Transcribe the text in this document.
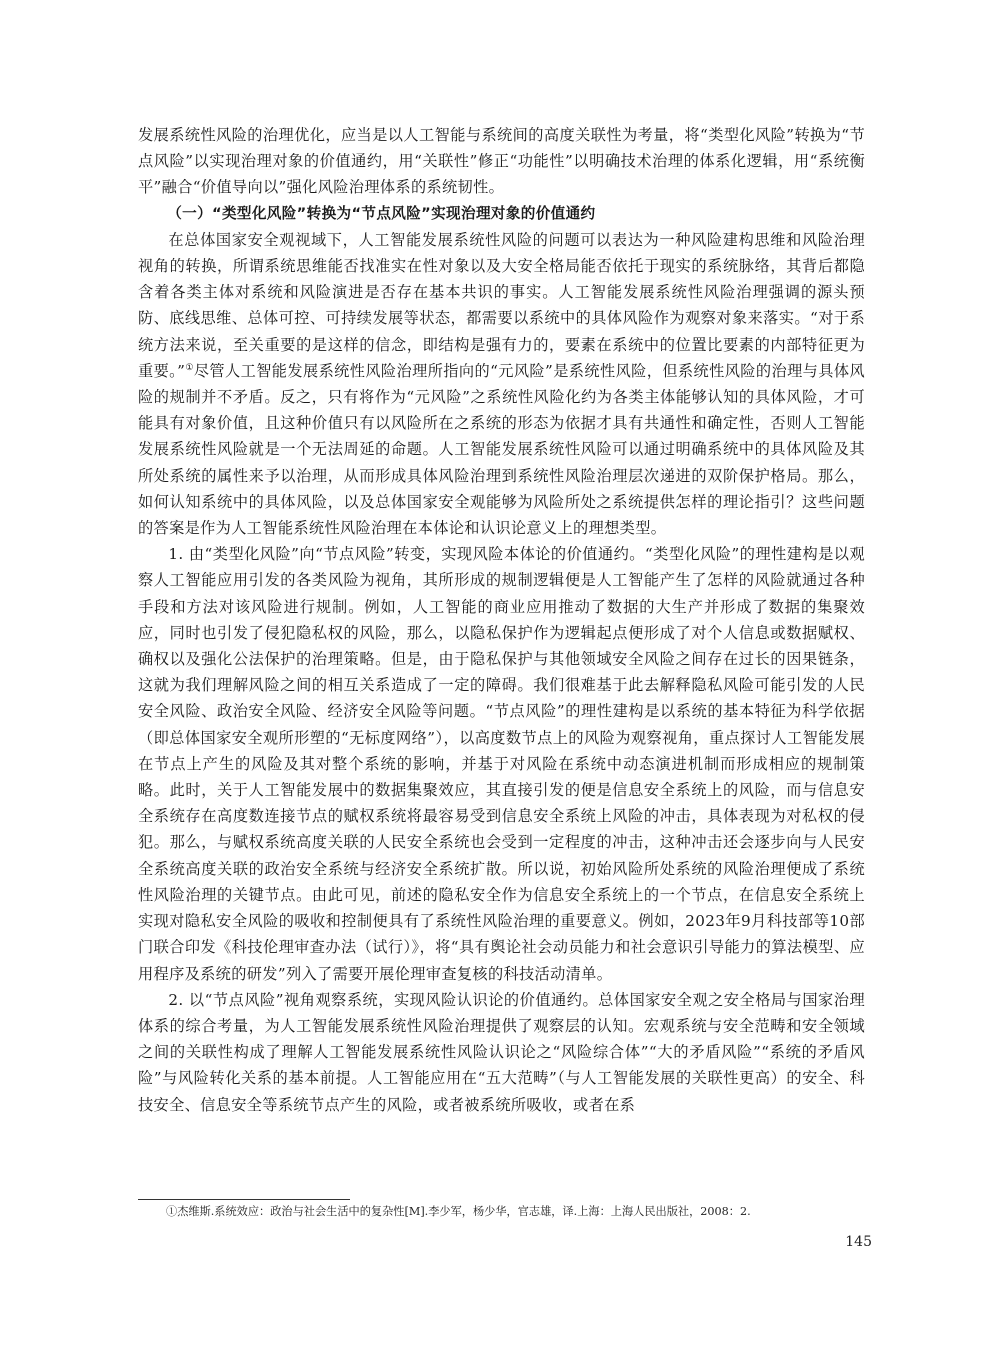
发展系统性风险的治理优化，应当是以人工智能与系统间的高度关联性为考量，将“类型化风险”转换为“节点风险”以实现治理对象的价值通约，用“关联性”修正“功能性”以明确技术治理的体系化逻辑，用“系统衡平”融合“价值导向以”强化风险治理体系的系统韧性。

（一）“类型化风险”转换为“节点风险”实现治理对象的价值通约

在总体国家安全观视域下，人工智能发展系统性风险的问题可以表达为一种风险建构思维和风险治理视角的转换，所谓系统思维能否找准实在性对象以及大安全格局能否依托于现实的系统脉络，其背后都隐含着各类主体对系统和风险演进是否存在基本共识的事实。人工智能发展系统性风险治理强调的源头预防、底线思维、总体可控、可持续发展等状态，都需要以系统中的具体风险作为观察对象来落实。“对于系统方法来说，至关重要的是这样的信念，即结构是强有力的，要素在系统中的位置比要素的内部特征更为重要。”①尽管人工智能发展系统性风险治理所指向的“元风险”是系统性风险，但系统性风险的治理与具体风险的规制并不矛盾。反之，只有将作为“元风险”之系统性风险化约为各类主体能够认知的具体风险，才可能具有对象价值，且这种价值只有以风险所在之系统的形态为依据才具有共通性和确定性，否则人工智能发展系统性风险就是一个无法周延的命题。人工智能发展系统性风险可以通过明确系统中的具体风险及其所处系统的属性来予以治理，从而形成具体风险治理到系统性风险治理层次递进的双阶保护格局。那么，如何认知系统中的具体风险，以及总体国家安全观能够为风险所处之系统提供怎样的理论指引？这些问题的答案是作为人工智能系统性风险治理在本体论和认识论意义上的理想类型。

1. 由“类型化风险”向“节点风险”转变，实现风险本体论的价值通约。“类型化风险”的理性建构是以观察人工智能应用引发的各类风险为视角，其所形成的规制逻辑便是人工智能产生了怎样的风险就通过各种手段和方法对该风险进行规制。例如，人工智能的商业应用推动了数据的大生产并形成了数据的集聚效应，同时也引发了侵犯隐私权的风险，那么，以隐私保护作为逻辑起点便形成了对个人信息或数据赋权、确权以及强化公法保护的治理策略。但是，由于隐私保护与其他领域安全风险之间存在过长的因果链条，这就为我们理解风险之间的相互关系造成了一定的障碍。我们很难基于此去解释隐私风险可能引发的人民安全风险、政治安全风险、经济安全风险等问题。“节点风险”的理性建构是以系统的基本特征为科学依据（即总体国家安全观所形塑的“无标度网络”），以高度数节点上的风险为观察视角，重点探讨人工智能发展在节点上产生的风险及其对整个系统的影响，并基于对风险在系统中动态演进机制而形成相应的规制策略。此时，关于人工智能发展中的数据集聚效应，其直接引发的便是信息安全系统上的风险，而与信息安全系统存在高度数连接节点的赋权系统将最容易受到信息安全系统上风险的冲击，具体表现为对私权的侵犯。那么，与赋权系统高度关联的人民安全系统也会受到一定程度的冲击，这种冲击还会逐步向与人民安全系统高度关联的政治安全系统与经济安全系统扩散。所以说，初始风险所处系统的风险治理便成了系统性风险治理的关键节点。由此可见，前述的隐私安全作为信息安全系统上的一个节点，在信息安全系统上实现对隐私安全风险的吸收和控制便具有了系统性风险治理的重要意义。例如，2023年9月科技部等10部门联合印发《科技伦理审查办法（试行）》，将“具有舆论社会动员能力和社会意识引导能力的算法模型、应用程序及系统的研发”列入了需要开展伦理审查复核的科技活动清单。

2. 以“节点风险”视角观察系统，实现风险认识论的价值通约。总体国家安全观之安全格局与国家治理体系的综合考量，为人工智能发展系统性风险治理提供了观察层的认知。宏观系统与安全范畴和安全领域之间的关联性构成了理解人工智能发展系统性风险认识论之“风险综合体”“大的矛盾风险”“系统的矛盾风险”与风险转化关系的基本前提。人工智能应用在“五大范畴”（与人工智能发展的关联性更高）的安全、科技安全、信息安全等系统节点产生的风险，或者被系统所吸收，或者在系

①杰维斯.系统效应：政治与社会生活中的复杂性[M].李少军，杨少华，官志雄，译.上海：上海人民出版社，2008：2.
145
